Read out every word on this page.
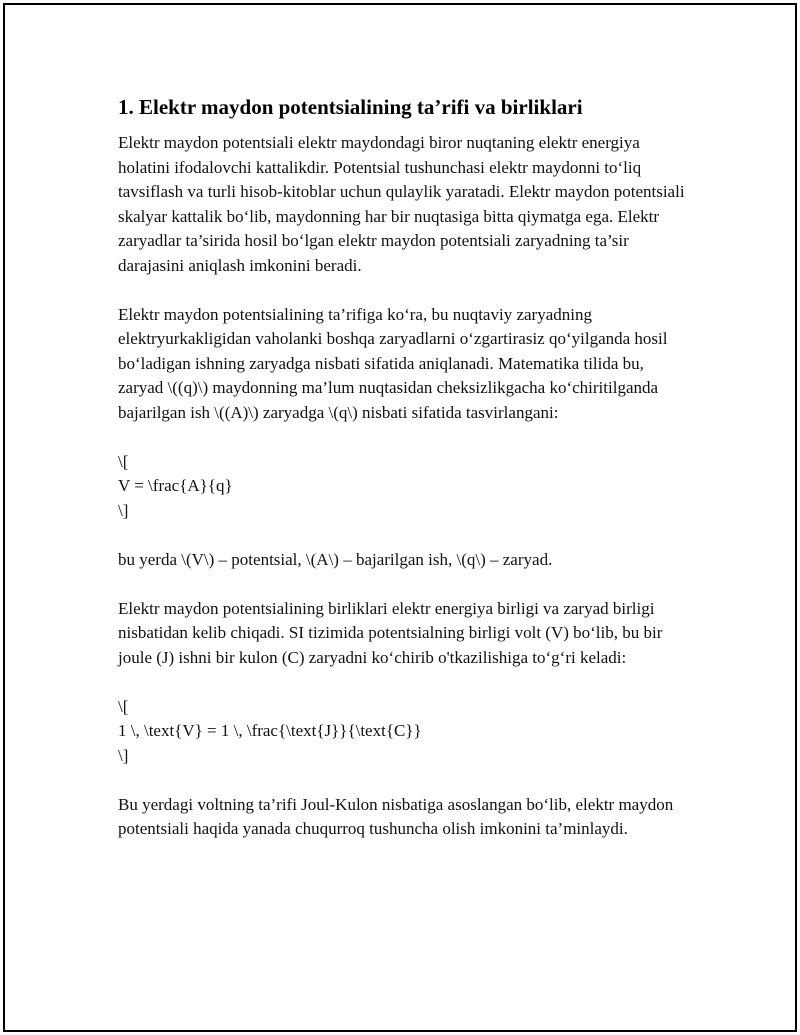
1. Elektr maydon potentsialining ta’rifi va birliklari

Elektr maydon potentsiali elektr maydondagi biror nuqtaning elektr energiya holatini ifodalovchi kattalikdir. Potentsial tushunchasi elektr maydonni to‘liq tavsiflash va turli hisob-kitoblar uchun qulaylik yaratadi. Elektr maydon potentsiali skalyar kattalik bo‘lib, maydonning har bir nuqtasiga bitta qiymatga ega. Elektr zaryadlar ta’sirida hosil bo‘lgan elektr maydon potentsiali zaryadning ta’sir darajasini aniqlash imkonini beradi.

Elektr maydon potentsialining ta’rifiga ko‘ra, bu nuqtaviy zaryadning elektryurkakligidan vaholanki boshqa zaryadlarni o‘zgartirasiz qo‘yilganda hosil bo‘ladigan ishning zaryadga nisbati sifatida aniqlanadi. Matematika tilida bu, zaryad \((q)\) maydonning ma’lum nuqtasidan cheksizlikgacha ko‘chiritilganda bajarilgan ish \((A)\) zaryadga \(q\) nisbati sifatida tasvirlangani:

\[
V = \frac{A}{q}
\]

bu yerda \(V\) – potentsial, \(A\) – bajarilgan ish, \(q\) – zaryad.

Elektr maydon potentsialining birliklari elektr energiya birligi va zaryad birligi nisbatidan kelib chiqadi. SI tizimida potentsialning birligi volt (V) bo‘lib, bu bir joule (J) ishni bir kulon (C) zaryadni ko‘chirib o'tkazilishiga to‘g‘ri keladi:

\[
1 \, \text{V} = 1 \, \frac{\text{J}}{\text{C}}
\]

Bu yerdagi voltning ta’rifi Joul-Kulon nisbatiga asoslangan bo‘lib, elektr maydon potentsiali haqida yanada chuqurroq tushuncha olish imkonini ta’minlaydi.
